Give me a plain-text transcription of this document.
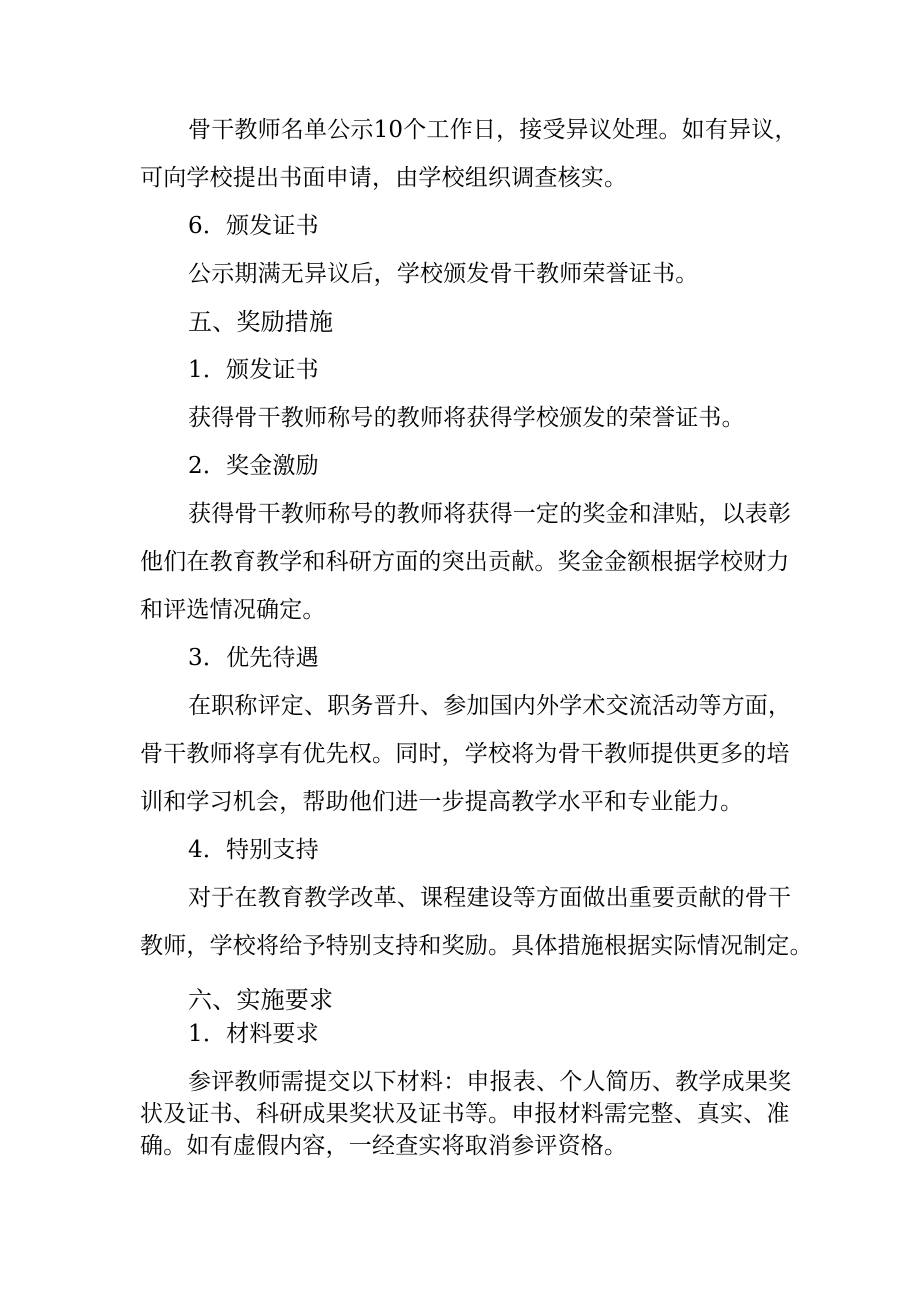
骨干教师名单公示10个工作日，接受异议处理。如有异议，
可向学校提出书面申请，由学校组织调查核实。
6．颁发证书
公示期满无异议后，学校颁发骨干教师荣誉证书。
五、奖励措施
1．颁发证书
获得骨干教师称号的教师将获得学校颁发的荣誉证书。
2．奖金激励
获得骨干教师称号的教师将获得一定的奖金和津贴，以表彰
他们在教育教学和科研方面的突出贡献。奖金金额根据学校财力
和评选情况确定。
3．优先待遇
在职称评定、职务晋升、参加国内外学术交流活动等方面，
骨干教师将享有优先权。同时，学校将为骨干教师提供更多的培
训和学习机会，帮助他们进一步提高教学水平和专业能力。
4．特别支持
对于在教育教学改革、课程建设等方面做出重要贡献的骨干
教师，学校将给予特别支持和奖励。具体措施根据实际情况制定。
六、实施要求
1．材料要求
参评教师需提交以下材料：申报表、个人简历、教学成果奖
状及证书、科研成果奖状及证书等。申报材料需完整、真实、准
确。如有虚假内容，一经查实将取消参评资格。
